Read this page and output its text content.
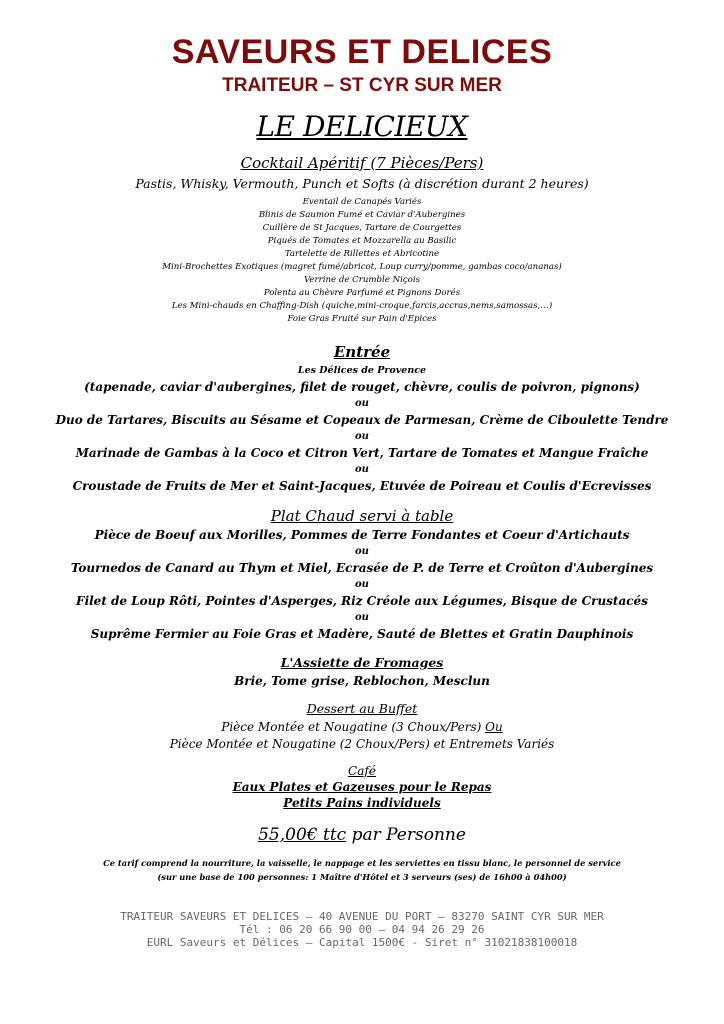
SAVEURS ET DELICES
TRAITEUR – ST CYR SUR MER
LE DELICIEUX
Cocktail Apéritif (7 Pièces/Pers)
Pastis, Whisky, Vermouth, Punch et Softs (à discrétion durant 2 heures)
Eventail de Canapés Variés
Blinis de Saumon Fumé et Caviar d'Aubergines
Cuillère de St Jacques, Tartare de Courgettes
Piqués de Tomates et Mozzarella au Basilic
Tartelette de Rillettes et Abricotine
Mini-Brochettes Exotiques (magret fumé/abricot, Loup curry/pomme, gambas coco/ananas)
Verrine de Crumble Niçois
Polenta au Chèvre Parfumé et Pignons Dorés
Les Mini-chauds en Chaffing-Dish (quiche,mini-croque,farcis,accras,nems,samossas,…)
Foie Gras Fruité sur Pain d'Epices
Entrée
Les Délices de Provence
(tapenade, caviar d'aubergines, filet de rouget, chèvre, coulis de poivron, pignons)
ou
Duo de Tartares, Biscuits au Sésame et Copeaux de Parmesan, Crème de Ciboulette Tendre
ou
Marinade de Gambas à la Coco et Citron Vert, Tartare de Tomates et Mangue Fraîche
ou
Croustade de Fruits de Mer et Saint-Jacques, Etuvée de Poireau et Coulis d'Ecrevisses
Plat Chaud servi à table
Pièce de Boeuf aux Morilles, Pommes de Terre Fondantes et Coeur d'Artichauts
ou
Tournedos de Canard au Thym et Miel, Ecrasée de P. de Terre et Croûton d'Aubergines
ou
Filet de Loup Rôti, Pointes d'Asperges, Riz Créole aux Légumes, Bisque de Crustacés
ou
Suprême Fermier au Foie Gras et Madère, Sauté de Blettes et Gratin Dauphinois
L'Assiette de Fromages
Brie, Tome grise, Reblochon, Mesclun
Dessert au Buffet
Pièce Montée et Nougatine (3 Choux/Pers) Ou
Pièce Montée et Nougatine (2 Choux/Pers) et Entremets Variés
Café
Eaux Plates et Gazeuses pour le Repas
Petits Pains individuels
55,00€ ttc par Personne
Ce tarif comprend la nourriture, la vaisselle, le nappage et les serviettes en tissu blanc, le personnel de service
(sur une base de 100 personnes: 1 Maître d'Hôtel et 3 serveurs (ses) de 16h00 à 04h00)
TRAITEUR SAVEURS ET DELICES – 40 AVENUE DU PORT – 83270 SAINT CYR SUR MER
Tél : 06 20 66 90 00 – 04 94 26 29 26
EURL Saveurs et Délices – Capital 1500€ - Siret n° 31021838100018
